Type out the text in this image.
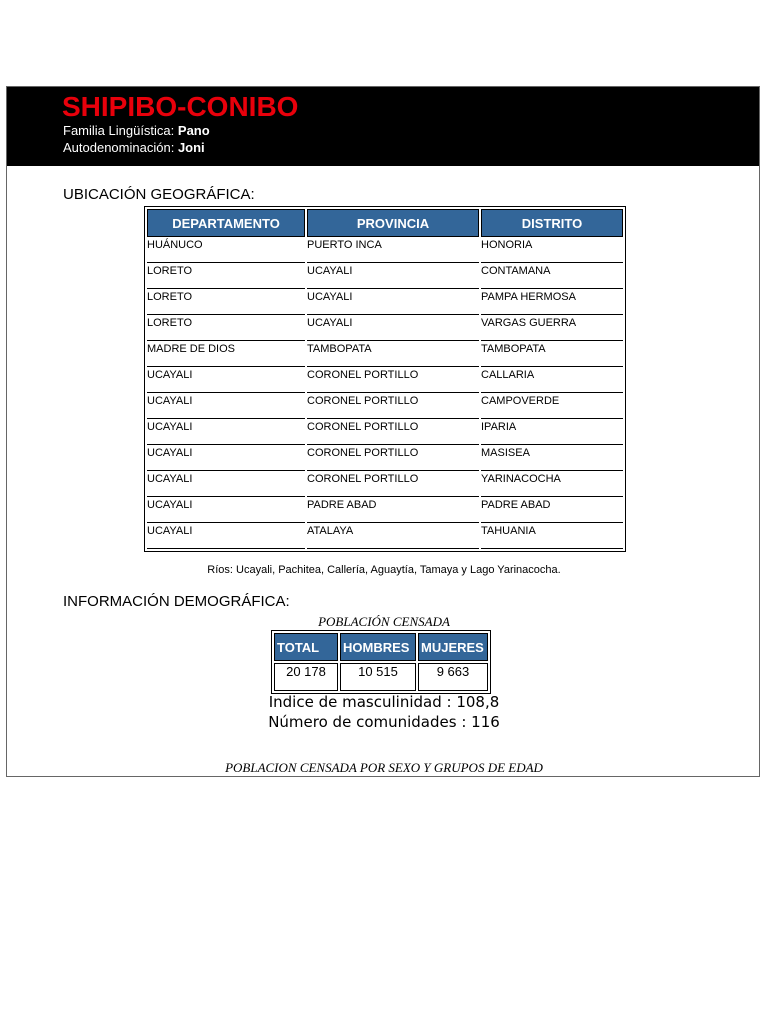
SHIPIBO-CONIBO
Familia Lingüística: Pano
Autodenominación: Joni
UBICACIÓN GEOGRÁFICA:
DEPARTAMENTO	PROVINCIA	DISTRITO
HUÁNUCO	PUERTO INCA	HONORIA
LORETO	UCAYALI	CONTAMANA
LORETO	UCAYALI	PAMPA HERMOSA
LORETO	UCAYALI	VARGAS GUERRA
MADRE DE DIOS	TAMBOPATA	TAMBOPATA
UCAYALI	CORONEL PORTILLO	CALLARIA
UCAYALI	CORONEL PORTILLO	CAMPOVERDE
UCAYALI	CORONEL PORTILLO	IPARIA
UCAYALI	CORONEL PORTILLO	MASISEA
UCAYALI	CORONEL PORTILLO	YARINACOCHA
UCAYALI	PADRE ABAD	PADRE ABAD
UCAYALI	ATALAYA	TAHUANIA
Ríos: Ucayali, Pachitea, Callería, Aguaytía, Tamaya y Lago Yarinacocha.
INFORMACIÓN DEMOGRÁFICA:
POBLACIÓN CENSADA
TOTAL	HOMBRES	MUJERES
20 178	10 515	9 663
Indice de masculinidad : 108,8
Número de comunidades : 116
POBLACION CENSADA POR SEXO Y GRUPOS DE EDAD
